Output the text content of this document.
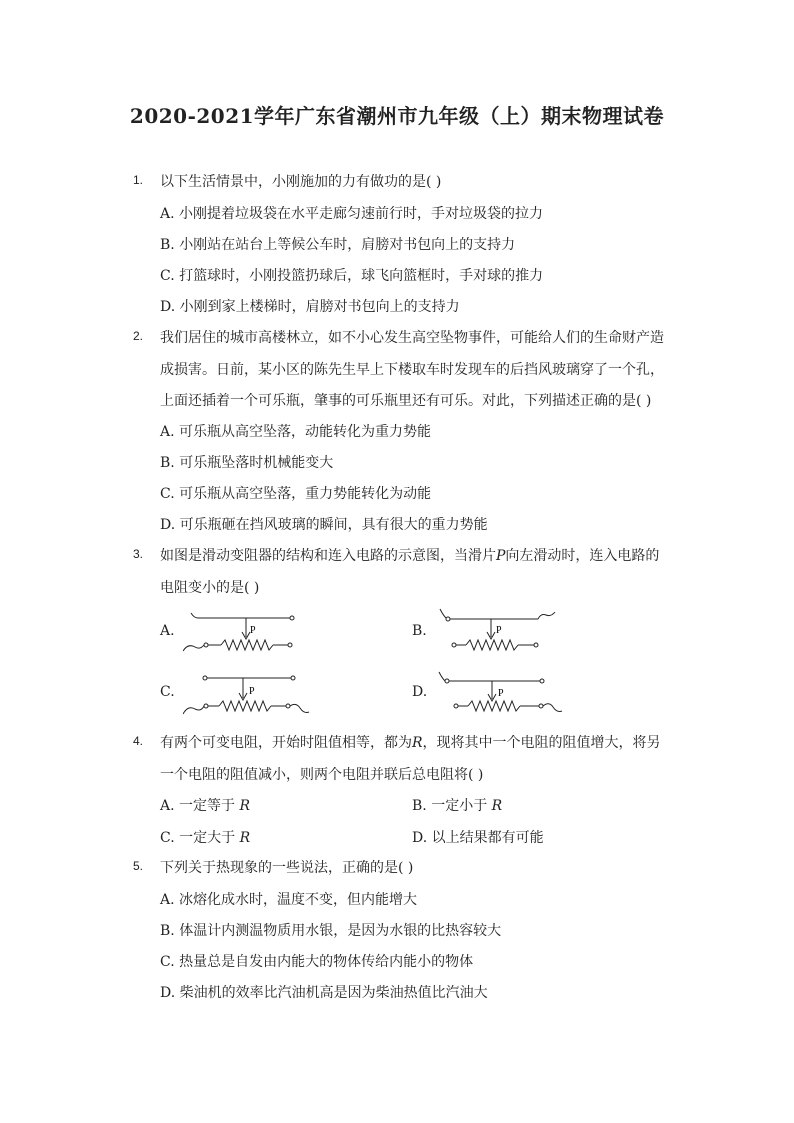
2020-2021学年广东省潮州市九年级（上）期末物理试卷
1. 以下生活情景中，小刚施加的力有做功的是( )
A. 小刚提着垃圾袋在水平走廊匀速前行时，手对垃圾袋的拉力
B. 小刚站在站台上等候公车时，肩膀对书包向上的支持力
C. 打篮球时，小刚投篮扔球后，球飞向篮框时，手对球的推力
D. 小刚到家上楼梯时，肩膀对书包向上的支持力
2. 我们居住的城市高楼林立，如不小心发生高空坠物事件，可能给人们的生命财产造成损害。日前，某小区的陈先生早上下楼取车时发现车的后挡风玻璃穿了一个孔，上面还插着一个可乐瓶，肇事的可乐瓶里还有可乐。对此，下列描述正确的是( )
A. 可乐瓶从高空坠落，动能转化为重力势能
B. 可乐瓶坠落时机械能变大
C. 可乐瓶从高空坠落，重力势能转化为动能
D. 可乐瓶砸在挡风玻璃的瞬间，具有很大的重力势能
3. 如图是滑动变阻器的结构和连入电路的示意图，当滑片P向左滑动时，连入电路的电阻变小的是( )
A.	P	B.	P
C.	P	D.	P
4. 有两个可变电阻，开始时阻值相等，都为R，现将其中一个电阻的阻值增大，将另一个电阻的阻值减小，则两个电阻并联后总电阻将( )
A. 一定等于 R	B. 一定小于 R
C. 一定大于 R	D. 以上结果都有可能
5. 下列关于热现象的一些说法，正确的是( )
A. 冰熔化成水时，温度不变，但内能增大
B. 体温计内测温物质用水银，是因为水银的比热容较大
C. 热量总是自发由内能大的物体传给内能小的物体
D. 柴油机的效率比汽油机高是因为柴油热值比汽油大
